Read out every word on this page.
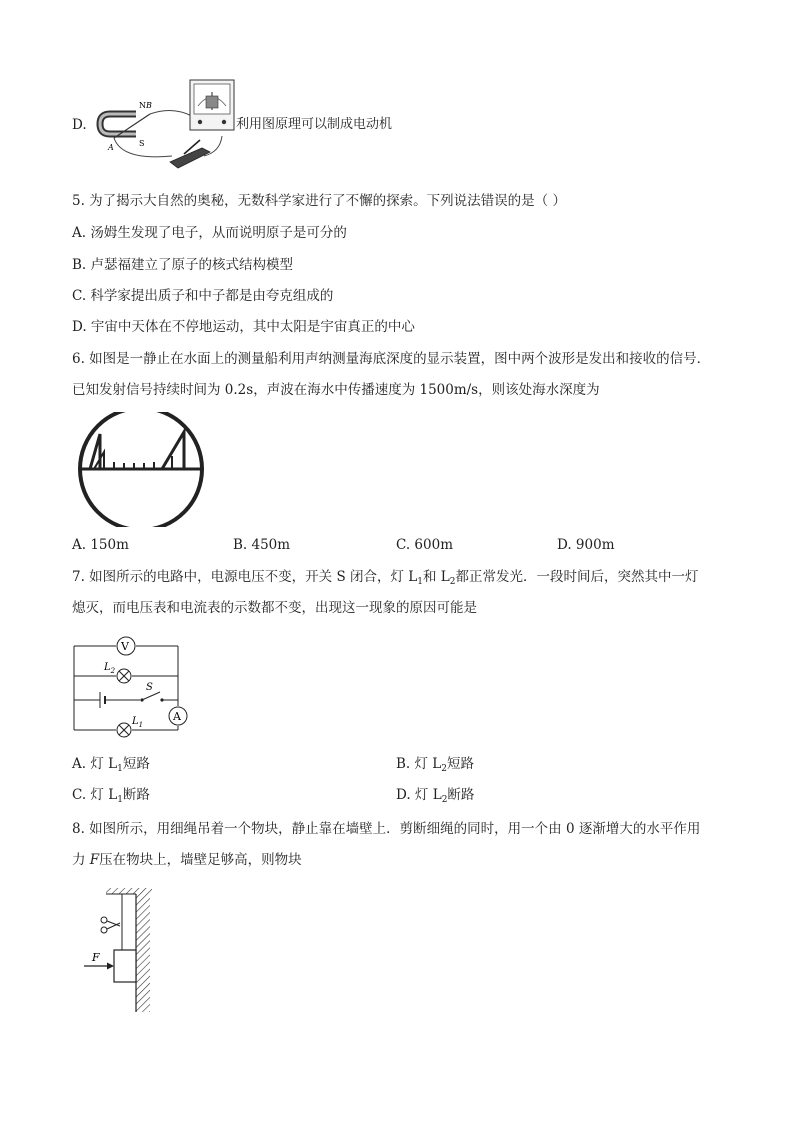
D.
N
S
A
B
利用图原理可以制成电动机
5. 为了揭示大自然的奥秘，无数科学家进行了不懈的探索。下列说法错误的是（ ）
A. 汤姆生发现了电子，从而说明原子是可分的
B. 卢瑟福建立了原子的核式结构模型
C. 科学家提出质子和中子都是由夸克组成的
D. 宇宙中天体在不停地运动，其中太阳是宇宙真正的中心
6. 如图是一静止在水面上的测量船利用声纳测量海底深度的显示装置，图中两个波形是发出和接收的信号．
已知发射信号持续时间为 0.2s，声波在海水中传播速度为 1500m/s，则该处海水深度为
A. 150m	B. 450m	C. 600m	D. 900m
7. 如图所示的电路中，电源电压不变，开关 S 闭合，灯 $L_1$和 $L_2$都正常发光．一段时间后，突然其中一灯
熄灭，而电压表和电流表的示数都不变，出现这一现象的原因可能是
V
$L_2$
S
$L_1$
A
A. 灯 $L_1$短路	B. 灯 $L_2$短路
C. 灯 $L_1$断路	D. 灯 $L_2$断路
8. 如图所示，用细绳吊着一个物块，静止靠在墙壁上．剪断细绳的同时，用一个由 0 逐渐增大的水平作用
力 F压在物块上，墙壁足够高，则物块
F
